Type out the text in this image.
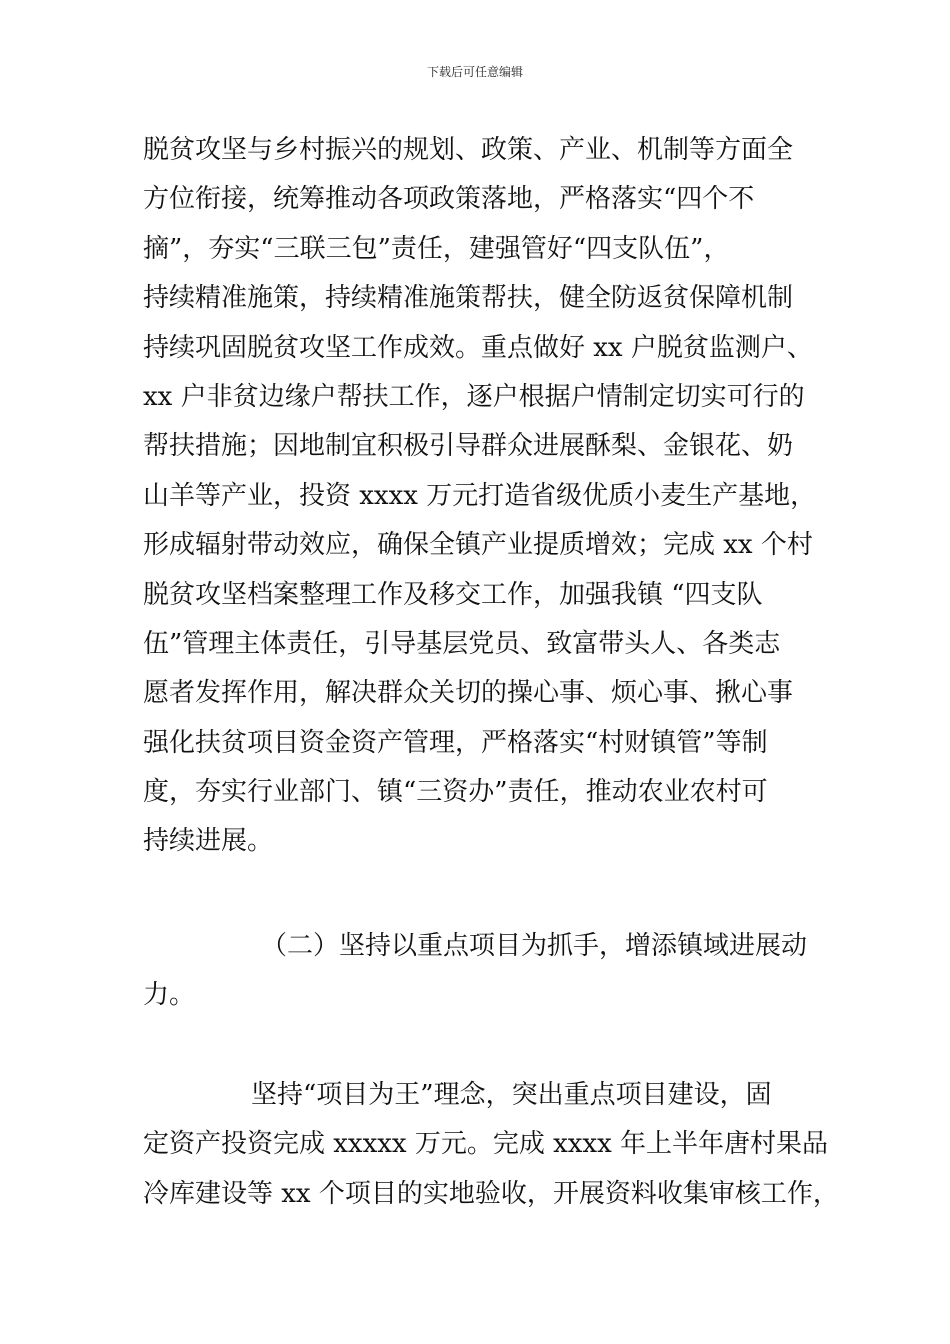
下载后可任意编辑
脱贫攻坚与乡村振兴的规划、政策、产业、机制等方面全
方位衔接，统筹推动各项政策落地，严格落实“四个不
摘”，夯实“三联三包”责任，建强管好“四支队伍”，
持续精准施策，持续精准施策帮扶，健全防返贫保障机制
持续巩固脱贫攻坚工作成效。重点做好 xx 户脱贫监测户、
xx 户非贫边缘户帮扶工作，逐户根据户情制定切实可行的
帮扶措施；因地制宜积极引导群众进展酥梨、金银花、奶
山羊等产业，投资 xxxx 万元打造省级优质小麦生产基地，
形成辐射带动效应，确保全镇产业提质增效；完成 xx 个村
脱贫攻坚档案整理工作及移交工作，加强我镇 “四支队
伍”管理主体责任，引导基层党员、致富带头人、各类志
愿者发挥作用，解决群众关切的操心事、烦心事、揪心事
强化扶贫项目资金资产管理，严格落实“村财镇管”等制
度，夯实行业部门、镇“三资办”责任，推动农业农村可
持续进展。
（二）坚持以重点项目为抓手，增添镇域进展动
力。
坚持“项目为王”理念，突出重点项目建设，固
定资产投资完成 xxxxx 万元。完成 xxxx 年上半年唐村果品
冷库建设等 xx 个项目的实地验收，开展资料收集审核工作，
